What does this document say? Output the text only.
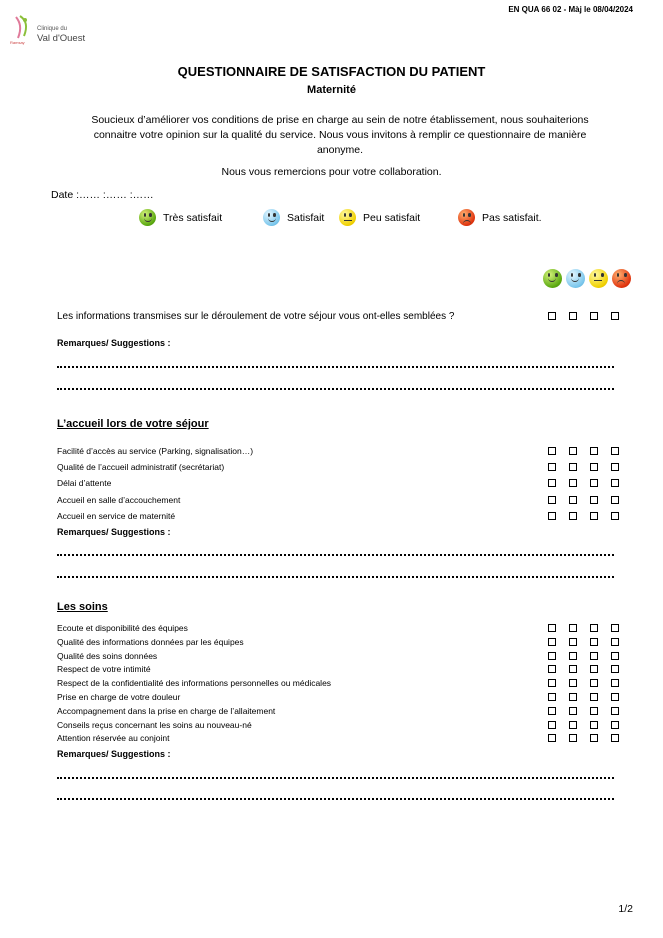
EN QUA 66 02 - Màj le 08/04/2024
Clinique du
Val d'Ouest
Ramsay
QUESTIONNAIRE DE SATISFACTION DU PATIENT
Maternité
Soucieux d’améliorer vos conditions de prise en charge au sein de notre établissement, nous souhaiterions connaitre votre opinion sur la qualité du service. Nous vous invitons à remplir ce questionnaire de manière anonyme.
Nous vous remercions pour votre collaboration.
Date :…… :…… :……
Très satisfait	Satisfait	Peu satisfait	Pas satisfait.
Les informations transmises sur le déroulement de votre séjour vous ont-elles semblées ?
Remarques/ Suggestions :
L’accueil lors de votre séjour
Facilité d’accès au service (Parking, signalisation…)
Qualité de l’accueil administratif (secrétariat)
Délai d’attente
Accueil en salle d’accouchement
Accueil en service de maternité
Remarques/ Suggestions :
Les soins
Ecoute et disponibilité des équipes
Qualité des informations données par les équipes
Qualité des soins données
Respect de votre intimité
Respect de la confidentialité des informations personnelles ou médicales
Prise en charge de votre douleur
Accompagnement dans la prise en charge de l’allaitement
Conseils reçus concernant les soins au nouveau-né
Attention réservée au conjoint
Remarques/ Suggestions :
1/2
